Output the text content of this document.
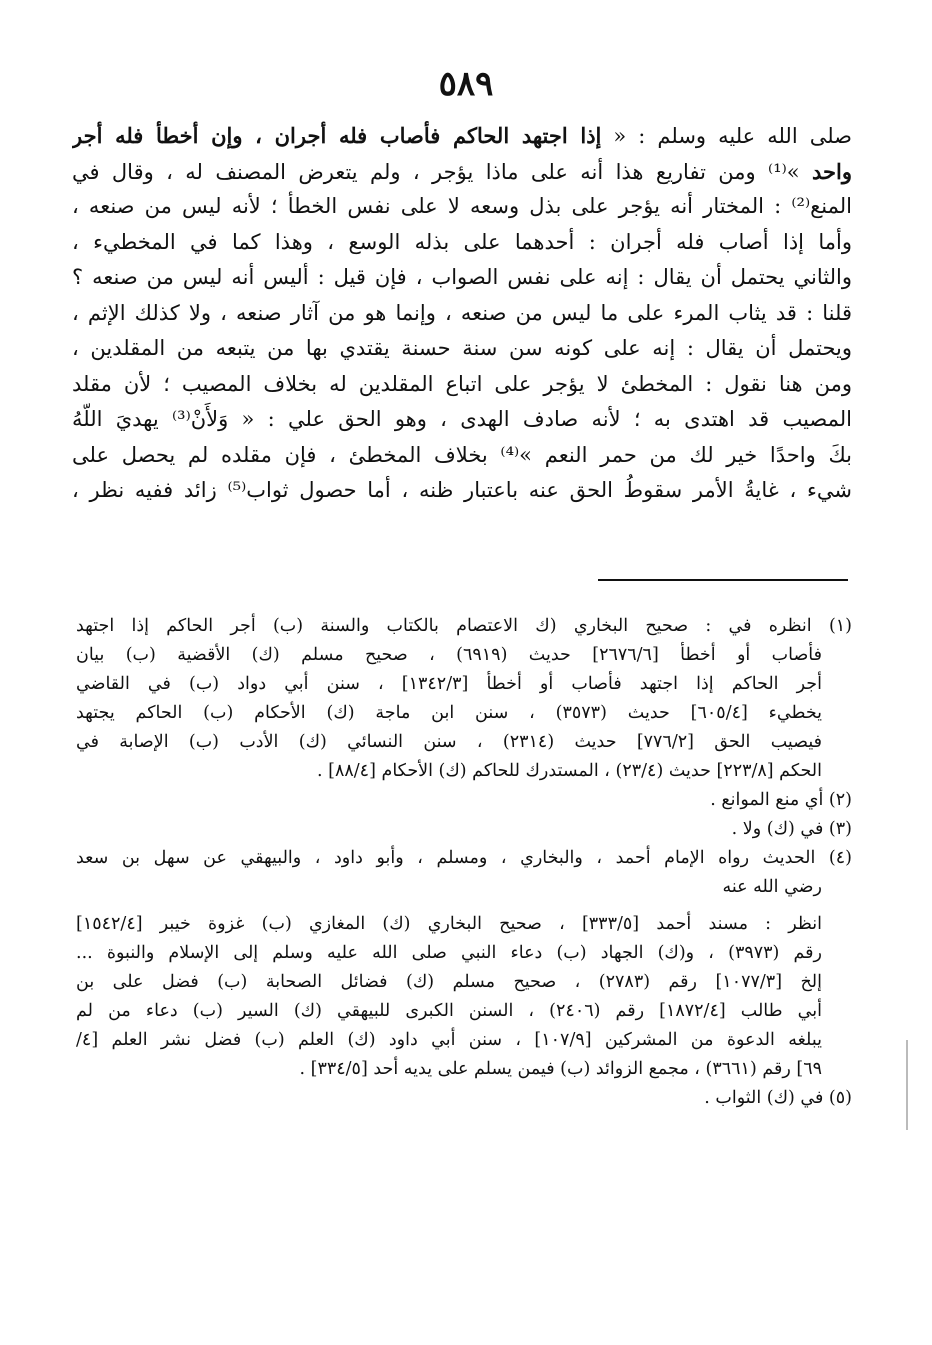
٥٨٩
صلى الله عليه وسلم : « إذا اجتهد الحاكم فأصاب فله أجران ، وإن أخطأ فله أجر
واحد »⁽¹⁾ ومن تفاريع هذا أنه على ماذا يؤجر ، ولم يتعرض المصنف له ، وقال في
المنع⁽²⁾ : المختار أنه يؤجر على بذل وسعه لا على نفس الخطأ ؛ لأنه ليس من صنعه ،
وأما إذا أصاب فله أجران : أحدهما على بذله الوسع ، وهذا كما في المخطيء ،
والثاني يحتمل أن يقال : إنه على نفس الصواب ، فإن قيل : أليس أنه ليس من صنعه ؟
قلنا : قد يثاب المرء على ما ليس من صنعه ، وإنما هو من آثار صنعه ، ولا كذلك الإثم ،
ويحتمل أن يقال : إنه على كونه سن سنة حسنة يقتدي بها من يتبعه من المقلدين ،
ومن هنا نقول : المخطئ لا يؤجر على اتباع المقلدين له بخلاف المصيب ؛ لأن مقلد
المصيب قد اهتدى به ؛ لأنه صادف الهدى ، وهو الحق علي : « وَلأَنْ⁽³⁾ يهديَ اللّهُ
بكَ واحدًا خير لك من حمر النعم »⁽⁴⁾ بخلاف المخطئ ، فإن مقلده لم يحصل على
شيء ، غايةُ الأمر سقوطُ الحق عنه باعتبار ظنه ، أما حصول ثواب⁽⁵⁾ زائد ففيه نظر ،
(١) انظره في : صحيح البخاري (ك الاعتصام بالكتاب والسنة (ب) أجر الحاكم إذا اجتهد
فأصاب أو أخطأ [٢٦٧٦/٦] حديث (٦٩١٩) ، صحيح مسلم (ك) الأقضية (ب) بيان
أجر الحاكم إذا اجتهد فأصاب أو أخطأ [١٣٤٢/٣] ، سنن أبي دواد (ب) في القاضي
يخطيء [٦٠٥/٤] حديث (٣٥٧٣) ، سنن ابن ماجة (ك) الأحكام (ب) الحاكم يجتهد
فيصيب الحق [٧٧٦/٢] حديث (٢٣١٤) ، سنن النسائي (ك) الأدب (ب) الإصابة في
الحكم [٢٢٣/٨] حديث (٢٣/٤) ، المستدرك للحاكم (ك) الأحكام [٨٨/٤] .
(٢) أي منع الموانع .
(٣) في (ك) ولا .
(٤) الحديث رواه الإمام أحمد ، والبخاري ، ومسلم ، وأبو داود ، والبيهقي عن سهل بن سعد
رضي الله عنه
انظر : مسند أحمد [٣٣٣/٥] ، صحيح البخاري (ك) المغازي (ب) غزوة خيبر [١٥٤٢/٤]
رقم (٣٩٧٣) ، و(ك) الجهاد (ب) دعاء النبي صلى الله عليه وسلم إلى الإسلام والنبوة ...
إلخ [١٠٧٧/٣] رقم (٢٧٨٣) ، صحيح مسلم (ك) فضائل الصحابة (ب) فضل على بن
أبي طالب [١٨٧٢/٤] رقم (٢٤٠٦) ، السنن الكبرى للبيهقي (ك) السير (ب) دعاء من لم
يبلغه الدعوة من المشركين [١٠٧/٩] ، سنن أبي داود (ك) العلم (ب) فضل نشر العلم [٤/
٦٩] رقم (٣٦٦١) ، مجمع الزوائد (ب) فيمن يسلم على يديه أحد [٣٣٤/٥] .
(٥) في (ك) الثواب .
